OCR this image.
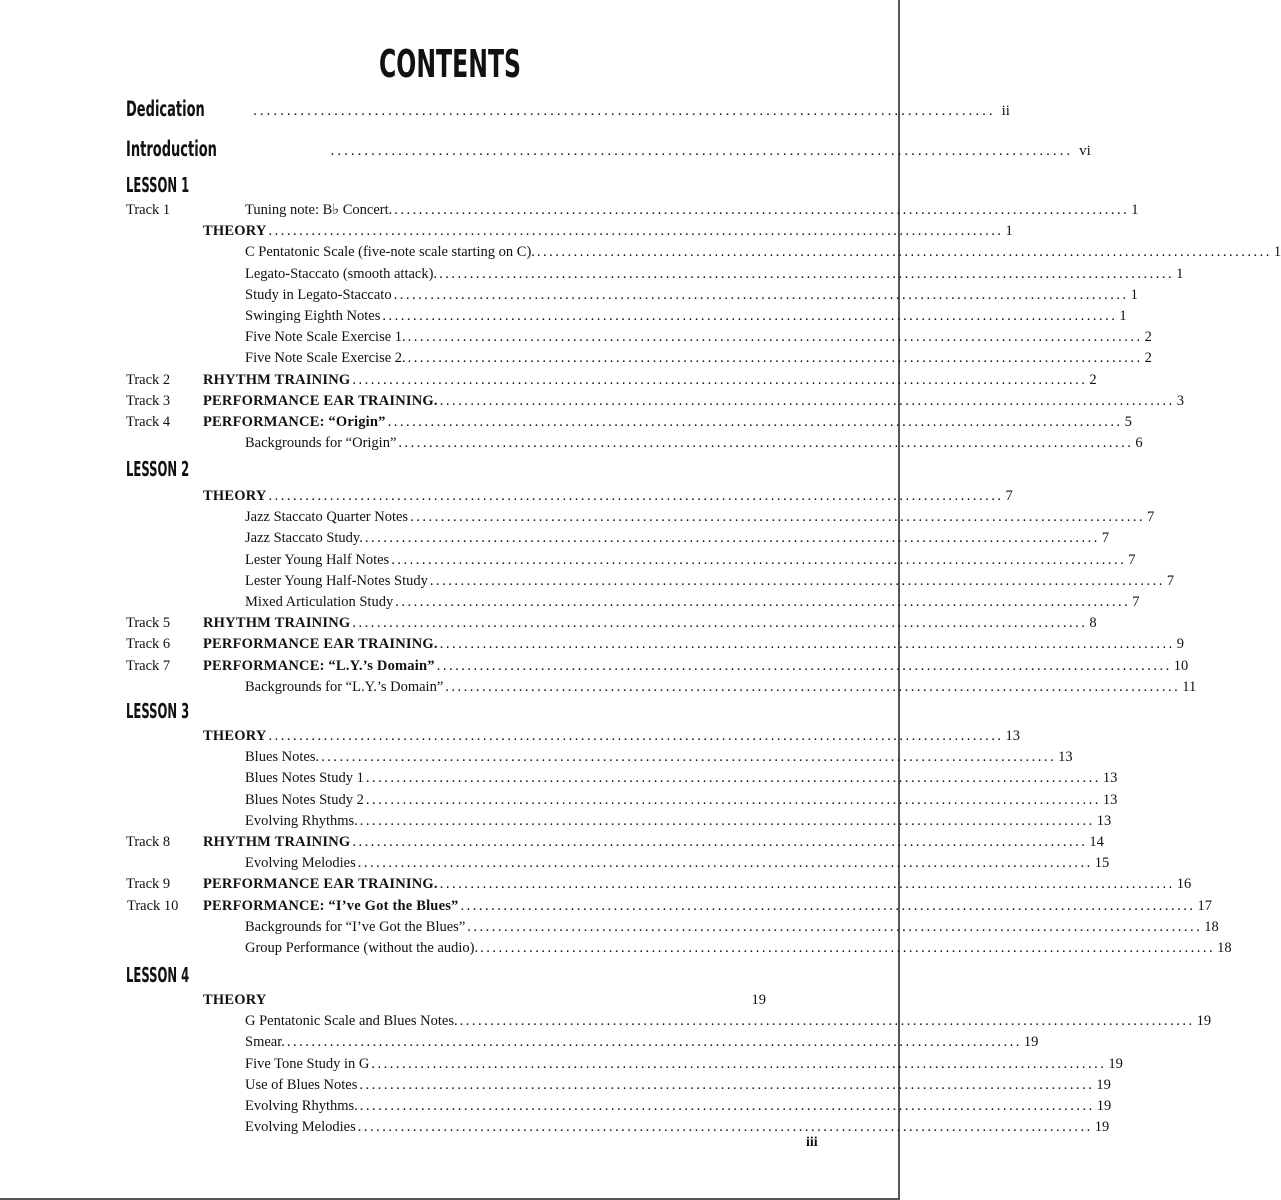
CONTENTS
Dedication	.............................................................................................................. ii
Introduction	.............................................................................................................. vi
LESSON 1
Track 1	Tuning note: B♭ Concert. ........................................................................................................................ 1
THEORY ........................................................................................................................ 1
C Pentatonic Scale (five-note scale starting on C). ........................................................................................................................ 1
Legato-Staccato (smooth attack). ........................................................................................................................ 1
Study in Legato-Staccato ........................................................................................................................ 1
Swinging Eighth Notes ........................................................................................................................ 1
Five Note Scale Exercise 1. ........................................................................................................................ 2
Five Note Scale Exercise 2. ........................................................................................................................ 2
Track 2	RHYTHM TRAINING ........................................................................................................................ 2
Track 3	PERFORMANCE EAR TRAINING. ........................................................................................................................ 3
Track 4	PERFORMANCE: “Origin” ........................................................................................................................ 5
Backgrounds for “Origin” ........................................................................................................................ 6
LESSON 2
THEORY ........................................................................................................................ 7
Jazz Staccato Quarter Notes ........................................................................................................................ 7
Jazz Staccato Study. ........................................................................................................................ 7
Lester Young Half Notes ........................................................................................................................ 7
Lester Young Half-Notes Study ........................................................................................................................ 7
Mixed Articulation Study ........................................................................................................................ 7
Track 5	RHYTHM TRAINING ........................................................................................................................ 8
Track 6	PERFORMANCE EAR TRAINING. ........................................................................................................................ 9
Track 7	PERFORMANCE: “L.Y.’s Domain” ........................................................................................................................ 10
Backgrounds for “L.Y.’s Domain” ........................................................................................................................ 11
LESSON 3
THEORY ........................................................................................................................ 13
Blues Notes. ........................................................................................................................ 13
Blues Notes Study 1 ........................................................................................................................ 13
Blues Notes Study 2 ........................................................................................................................ 13
Evolving Rhythms. ........................................................................................................................ 13
Track 8	RHYTHM TRAINING ........................................................................................................................ 14
Evolving Melodies ........................................................................................................................ 15
Track 9	PERFORMANCE EAR TRAINING. ........................................................................................................................ 16
Track 10	PERFORMANCE: “I’ve Got the Blues” ........................................................................................................................ 17
Backgrounds for “I’ve Got the Blues” ........................................................................................................................ 18
Group Performance (without the audio). ........................................................................................................................ 18
LESSON 4
THEORY	19
G Pentatonic Scale and Blues Notes. ........................................................................................................................ 19
Smear. ........................................................................................................................ 19
Five Tone Study in G ........................................................................................................................ 19
Use of Blues Notes ........................................................................................................................ 19
Evolving Rhythms. ........................................................................................................................ 19
Evolving Melodies ........................................................................................................................ 19
iii
